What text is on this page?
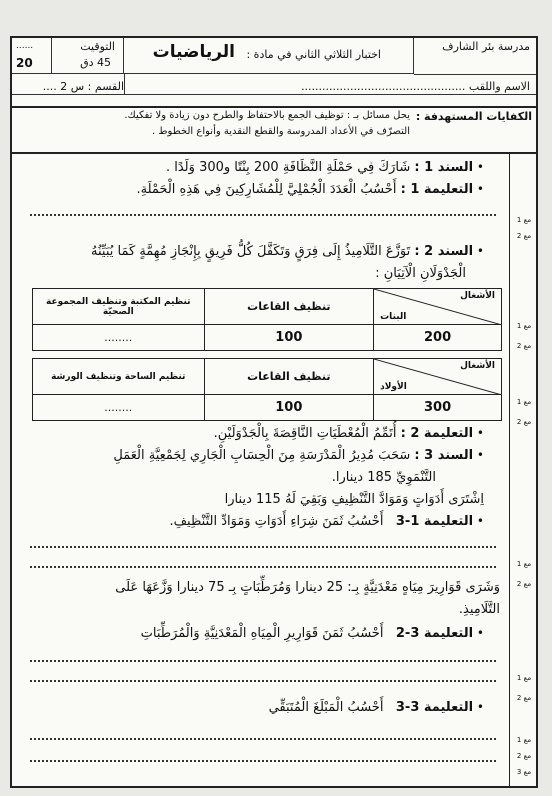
......
20
التوقيت
45 دق
اختبار الثلاثي الثاني في مادة :
الرياضيات	مدرسة بئر الشارف
القسم : س 2 ....	الاسم واللقب ...............................................
الكفايات المستهدفة :
يحل مسائل بـ : توظيف الجمع بالاحتفاظ والطرح دون زيادة ولا تفكيك.
التصرّف في الأعداد المدروسة والقطع النقدية وأنواع الخطوط .
• السند 1 : شَارَكَ فِي حَمْلَةِ النَّظَافَةِ 200 بِنْتًا و300 وَلَدًا .
• التعليمة 1 : أَحْسُبُ الْعَدَدَ الْجُمْلِيَّ لِلْمُشَارِكِينَ فِي هَذِهِ الْحَمْلَةِ.
• السند 2 : تَوَزَّعَ التَّلَامِيذُ إِلَى فِرَقٍ وَتَكَفَّلَ كُلُّ فَرِيقٍ بِإِنْجَازِ مُهِمَّةٍ كَمَا يُبَيِّنُهُ
الْجَدْوَلَانِ الْآتِيَانِ :
الأشغال
البنات	تنظيف القاعات	تنظيم المكتبة وتنظيف المجموعة الصحيّة
200	100	........
الأشغال
الأولاد	تنظيف القاعات	تنظيم الساحة وتنظيف الورشة
300	100	........
• التعليمة 2 : أُتَمِّمُ الْمُعْطَيَاتِ النَّاقِصَةَ بِالْجَدْوَلَيْنِ.
• السند 3 : سَحَبَ مُدِيرُ الْمَدْرَسَةِ مِنَ الْحِسَابِ الْجَارِي لِجَمْعِيَّةِ الْعَمَلِ
التَّنْمَوِيِّ 185 دينارا.
اِشْتَرَى أَدَوَاتٍ وَمَوَادَّ التَّنْظِيفِ وَبَقِيَ لَهُ 115 دينارا
• التعليمة 1-3   أَحْسُبُ ثَمَنَ شِرَاءِ أَدَوَاتِ وَمَوَادِّ التَّنْظِيفِ.
وَشَرَى قَوَارِيرَ مِيَاهٍ مَعْدَنِيَّةٍ بِـ: 25 دينارا وَمُرَطِّبَاتٍ بِـ 75 دينارا وَزَّعَهَا عَلَى
التَّلَامِيذِ.
• التعليمة 3-2   أَحْسُبُ ثَمَنَ قَوَارِيرِ الْمِيَاهِ الْمَعْدَنِيَّةِ وَالْمُرَطِّبَاتِ
• التعليمة 3-3   أَحْسُبُ الْمَبْلَغَ الْمُتَبَقِّي
مع 1
مع 2
مع 1
مع 2
مع 1
مع 2
مع 1
مع 2
مع 1
مع 2
مع 1
مع 2
مع 3
